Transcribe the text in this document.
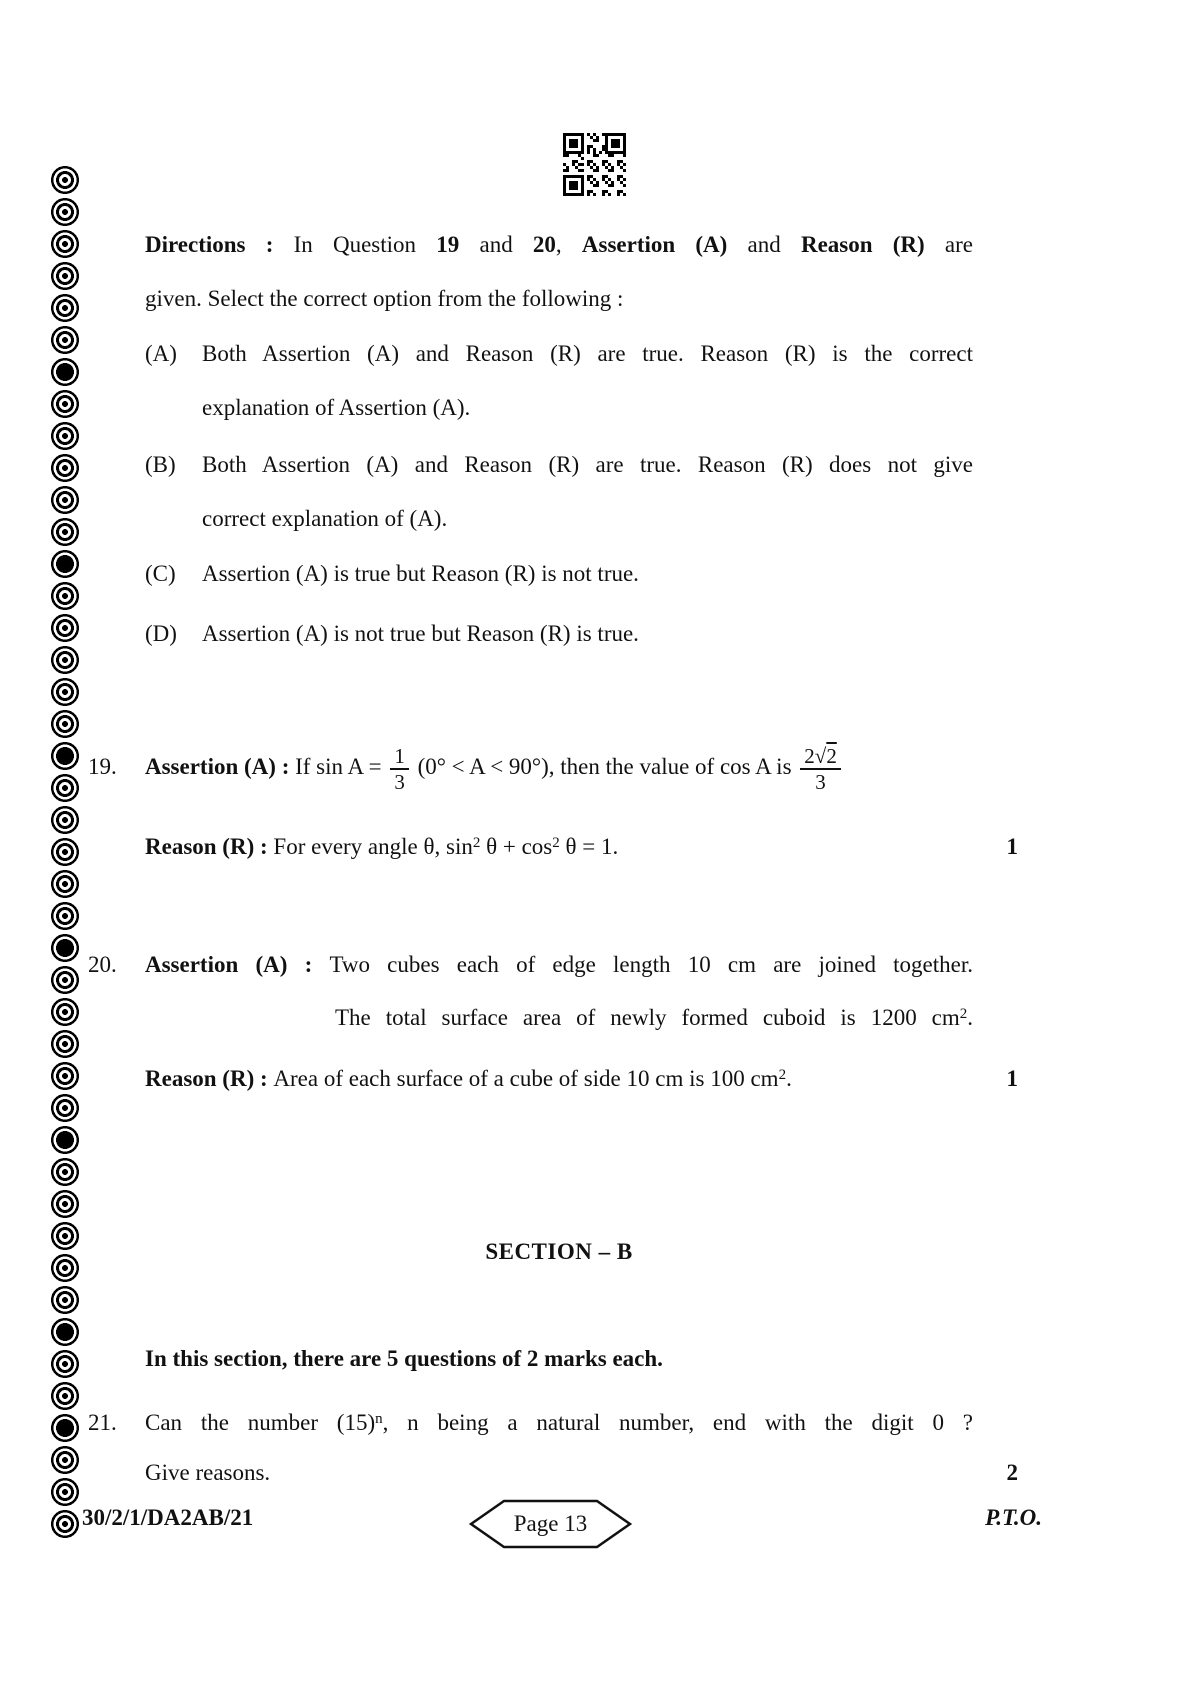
Directions : In Question 19 and 20, Assertion (A) and Reason (R) are
given. Select the correct option from the following :
(A)	Both Assertion (A) and Reason (R) are true. Reason (R) is the correct
explanation of Assertion (A).
(B)	Both Assertion (A) and Reason (R) are true. Reason (R) does not give
correct explanation of (A).
(C)	Assertion (A) is true but Reason (R) is not true.
(D)	Assertion (A) is not true but Reason (R) is true.
19. Assertion (A) : If $\sin A = \frac{1}{3} (0^\circ < A < 90^\circ)$, then the value of cos A is $\frac{2√2}{3}$
Reason (R) : For every angle θ, $\sin^2 \theta + \cos^2 \theta = 1$.	1
20. Assertion (A) : Two cubes each of edge length 10 cm are joined together.
The total surface area of newly formed cuboid is 1200 $cm^2$.
Reason (R) : Area of each surface of a cube of side 10 cm is 100 $cm^2$.	1
SECTION – B
In this section, there are 5 questions of 2 marks each.
21. Can the number $(15)^n$, n being a natural number, end with the digit 0 ?
Give reasons.	2
30/2/1/DA2AB/21	Page 13	P.T.O.
